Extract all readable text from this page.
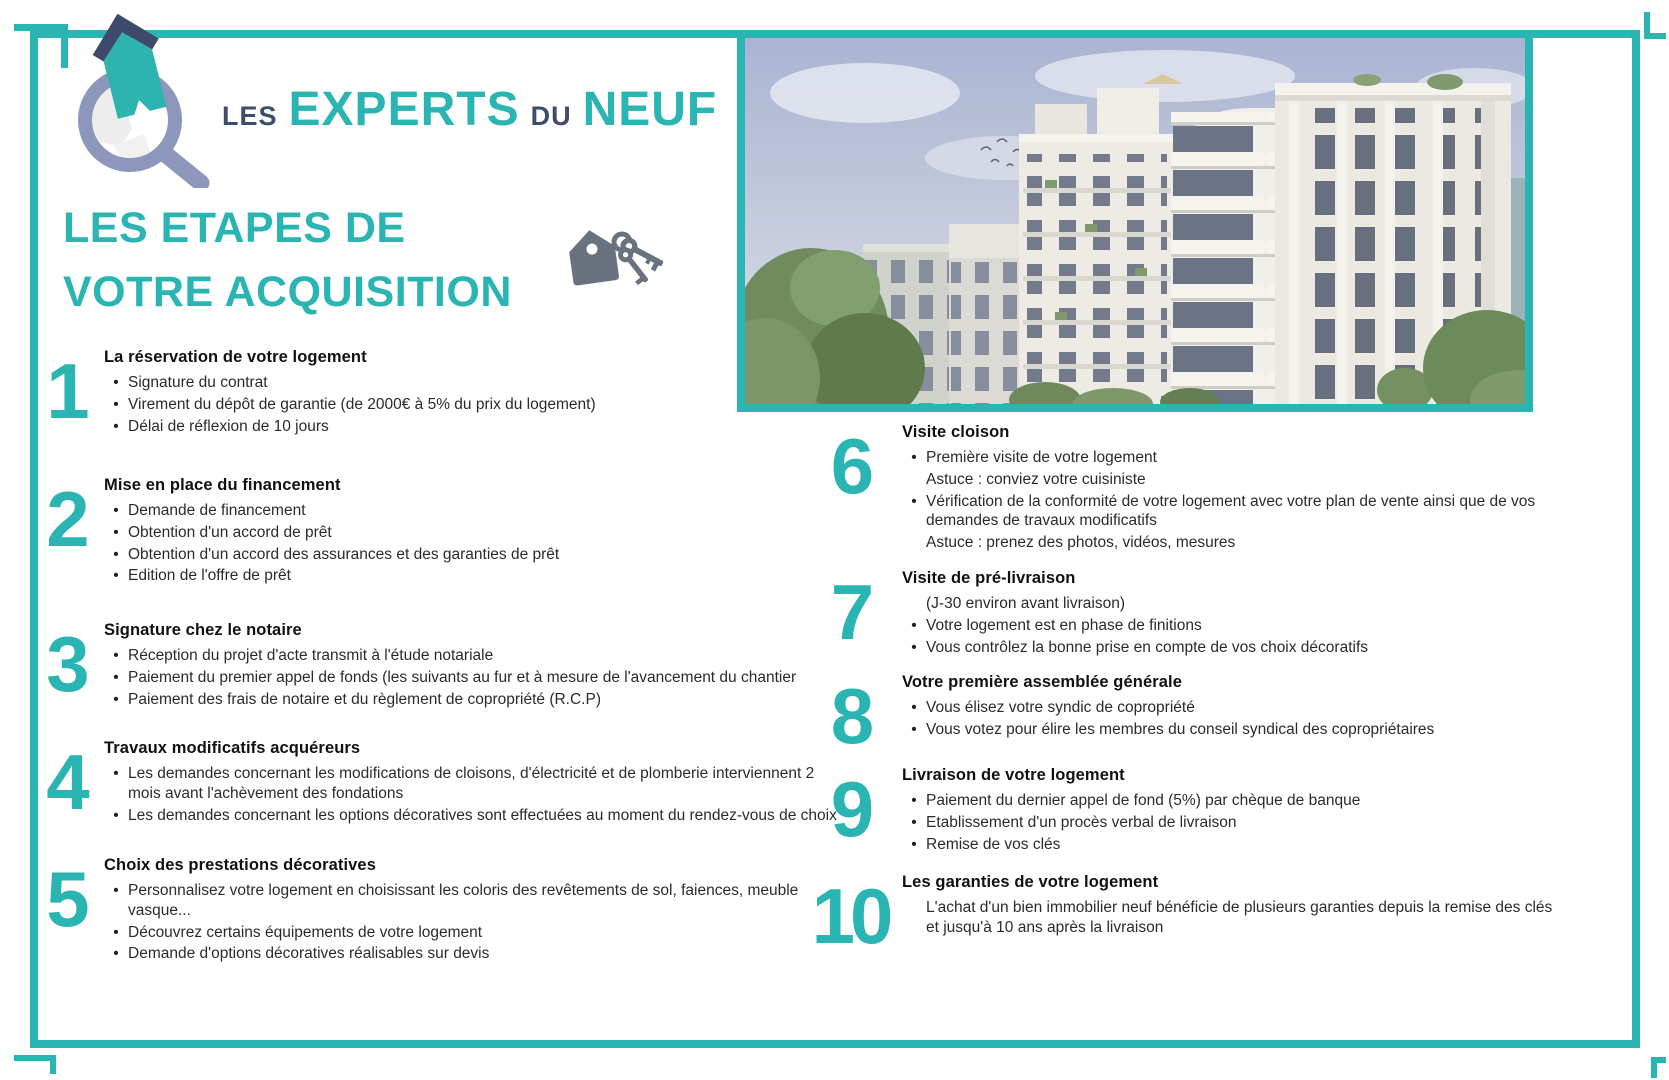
LES EXPERTS DU NEUF
LES ETAPES DE
VOTRE ACQUISITION
1 La réservation de votre logement
• Signature du contrat
• Virement du dépôt de garantie (de 2000€ à 5% du prix du logement)
• Délai de réflexion de 10 jours
2 Mise en place du financement
• Demande de financement
• Obtention d'un accord de prêt
• Obtention d'un accord des assurances et des garanties de prêt
• Edition de l'offre de prêt
3 Signature chez le notaire
• Réception du projet d'acte transmit à l'étude notariale
• Paiement du premier appel de fonds (les suivants au fur et à mesure de l'avancement du chantier
• Paiement des frais de notaire et du règlement de copropriété (R.C.P)
4 Travaux modificatifs acquéreurs
• Les demandes concernant les modifications de cloisons, d'électricité et de plomberie interviennent 2 mois avant l'achèvement des fondations
• Les demandes concernant les options décoratives sont effectuées au moment du rendez-vous de choix
5 Choix des prestations décoratives
• Personnalisez votre logement en choisissant les coloris des revêtements de sol, faiences, meuble vasque...
• Découvrez certains équipements de votre logement
• Demande d'options décoratives réalisables sur devis
6	Visite cloison
• Première visite de votre logement
Astuce : conviez votre cuisiniste
• Vérification de la conformité de votre logement avec votre plan de vente ainsi que de vos demandes de travaux modificatifs
Astuce : prenez des photos, vidéos, mesures
7	Visite de pré-livraison
(J-30 environ avant livraison)
• Votre logement est en phase de finitions
• Vous contrôlez la bonne prise en compte de vos choix décoratifs
8	Votre première assemblée générale
• Vous élisez votre syndic de copropriété
• Vous votez pour élire les membres du conseil syndical des copropriétaires
9	Livraison de votre logement
• Paiement du dernier appel de fond (5%) par chèque de banque
• Etablissement d'un procès verbal de livraison
• Remise de vos clés
10 Les garanties de votre logement
L'achat d'un bien immobilier neuf bénéficie de plusieurs garanties depuis la remise des clés et jusqu'à 10 ans après la livraison
